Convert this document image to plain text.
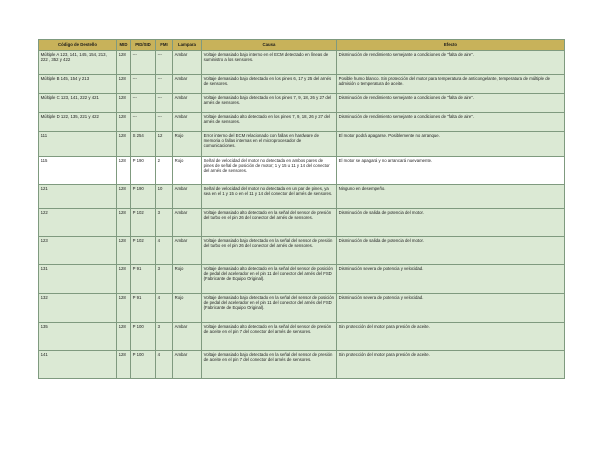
Código de Destello	MID	PID/SID	FMI	Lampara	Causa	Efecto
Múltiple A 123, 141, 145, 154, 213, 222 , 352 y 422	128	---	---	Ambar	Voltaje demasiado bajo interno en el ECM detectado en líneas de suministro a los sensores.	Disminución de rendimiento semejante a condiciones de "falta de aire".
Múltiple B 145, 154 y 213	128	---	---	Ambar	Voltaje demasiado bajo detectado en los pines 6, 17 y 25 del arnés de sensores.	Posible humo blanco. Sin protección del motor para temperatura de anticongelante, temperatura de múltiple de admisión o temperatura de aceite.
Múltiple C 123, 141, 222 y 421	128	---	---	Ambar	Voltaje demasiado bajo detectado en los pines 7, 9, 18, 26 y 27 del arnés de sensores.	Disminución de rendimiento semejante a condiciones de "falta de aire".
Múltiple D 122, 135, 221 y 422	128	---	---	Ambar	Voltaje demasiado alto detectado en los pines 7, 9, 18, 26 y 27 del arnés de sensores.	Disminución de rendimiento semejante a condiciones de "falta de aire".
111	128	S 254	12	Rojo	Error interno del ECM relacionado con fallas en hardware de memoria o fallas internas en el microprocesador de comunicaciones.	El motor podrá apagarse. Posiblemente no arranque.
115	128	P 190	2	Rojo	Señal de velocidad del motor no detectada en ambos pares de pines de señal de posición de motor; 1 y 15 u 11 y 14 del conector del arnés de sensores.	El motor se apagará y no arrancará nuevamente.
121	128	P 190	10	Ambar	Señal de velocidad del motor no detectada en un par de pines, ya sea en el 1 y 15 o en el 11 y 14 del conector del arnés de sensores.	Ninguno en desempeño.
122	128	P 102	3	Ambar	Voltaje demasiado alto detectado en la señal del sensor de presión del turbo en el pin 26 del conector del arnés de sensores.	Disminución de salida de potencia del motor.
123	128	P 102	4	Ambar	Voltaje demasiado bajo detectado en la señal del sensor de presión del turbo en el pin 26 del conector del arnés de sensores.	Disminución de salida de potencia del motor.
131	128	P 91	3	Rojo	Voltaje demasiado alto detectado en la señal del sensor de posición de pedal del acelerador en el pin 11 del conector del arnés del FSD (Fabricante de Equipo Original).	Disminución severa de potencia y velocidad.
132	128	P 91	4	Rojo	Voltaje demasiado bajo detectado en la señal del sensor de posición de pedal del acelerador en el pin 11 del conector del arnés del FSD (Fabricante de Equipo Original).	Disminución severa de potencia y velocidad.
135	128	P 100	3	Ambar	Voltaje demasiado alto detectado en la señal del sensor de presión de aceite en el pin 7 del conector del arnés de sensores.	Sin protección del motor para presión de aceite.
141	128	P 100	4	Ambar	Voltaje demasiado bajo detectado en la señal del sensor de presión de aceite en el pin 7 del conector del arnés de sensores.	Sin protección del motor para presión de aceite.
